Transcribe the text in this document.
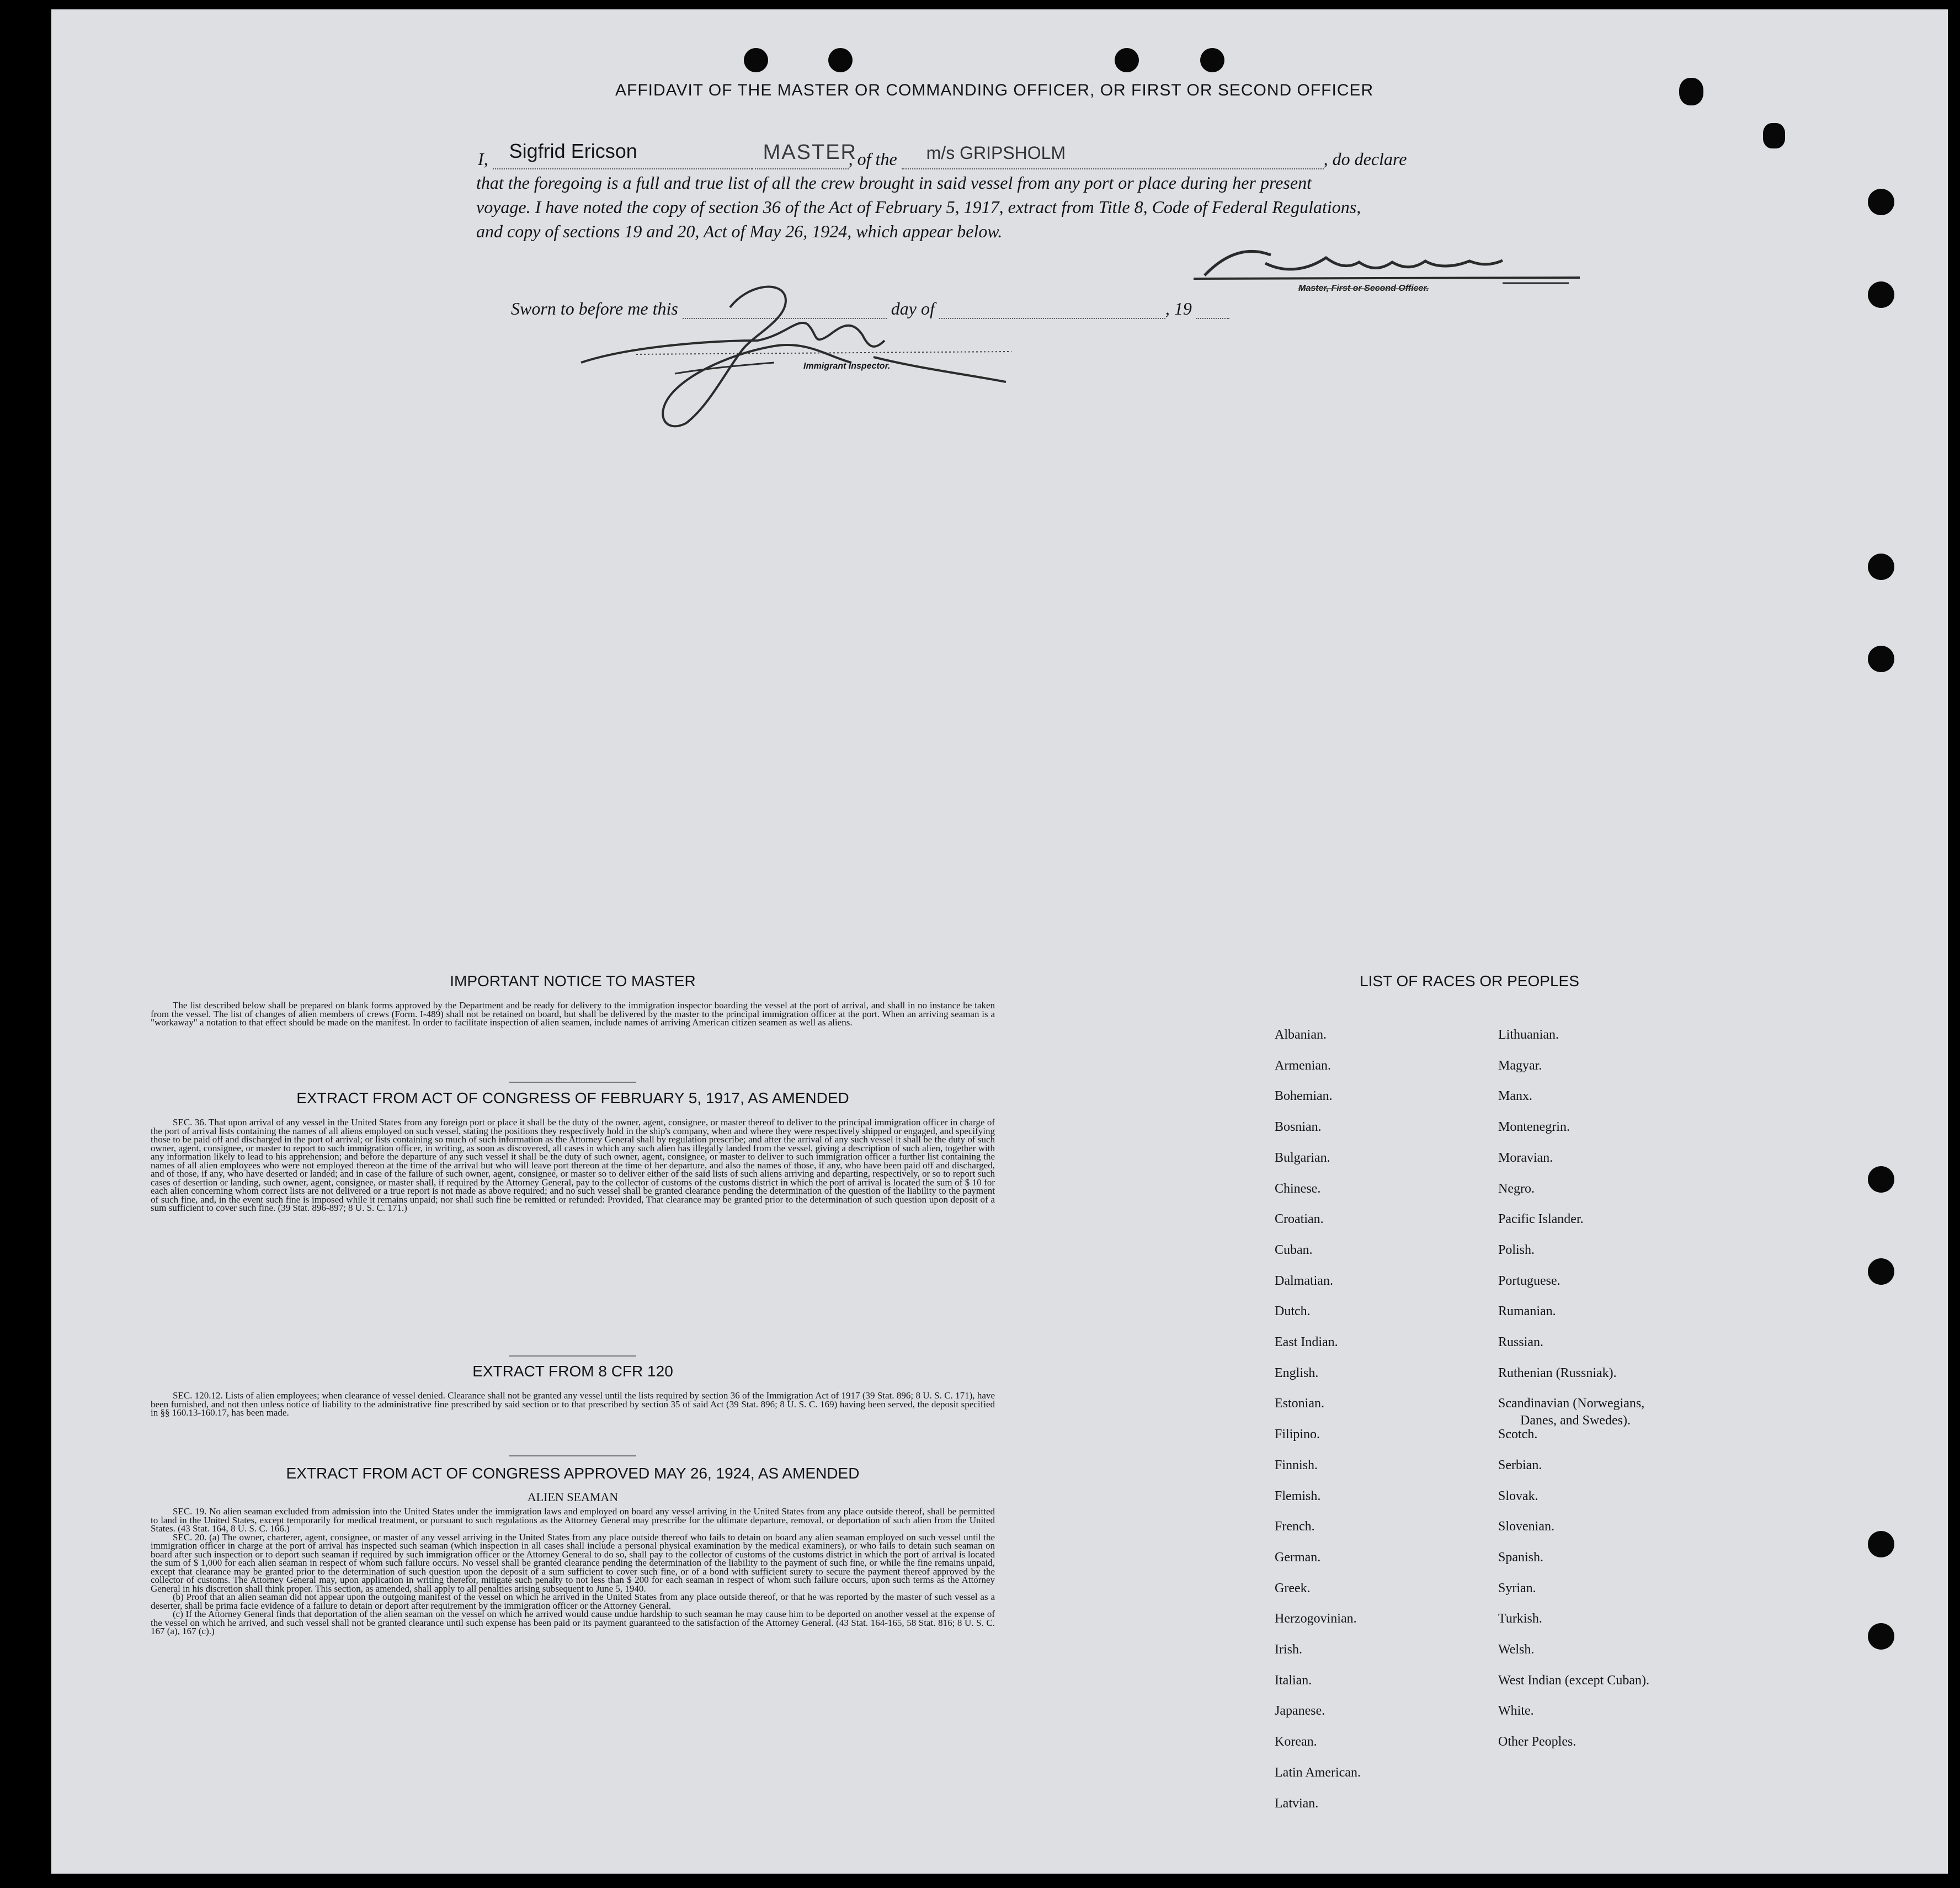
AFFIDAVIT OF THE MASTER OR COMMANDING OFFICER, OR FIRST OR SECOND OFFICER
I, Sigfrid Ericson	MASTER
, of the m/s GRIPSHOLM	, do declare
that the foregoing is a full and true list of all the crew brought in said vessel from any port or place during her present
voyage. I have noted the copy of section 36 of the Act of February 5, 1917, extract from Title 8, Code of Federal Regulations,
and copy of sections 19 and 20, Act of May 26, 1924, which appear below.
Master, First or Second Officer.
Sworn to before me this	day of	, 19
Immigrant Inspector.
IMPORTANT NOTICE TO MASTER

The list described below shall be prepared on blank forms approved by the Department and be ready for delivery to the immigration inspector boarding the vessel at the port of arrival, and shall in no instance be taken from the vessel. The list of changes of alien members of crews (Form. I-489) shall not be retained on board, but shall be delivered by the master to the principal immigration officer at the port. When an arriving seaman is a "workaway" a notation to that effect should be made on the manifest. In order to facilitate inspection of alien seamen, include names of arriving American citizen seamen as well as aliens.

EXTRACT FROM ACT OF CONGRESS OF FEBRUARY 5, 1917, AS AMENDED

SEC. 36. That upon arrival of any vessel in the United States from any foreign port or place it shall be the duty of the owner, agent, consignee, or master thereof to deliver to the principal immigration officer in charge of the port of arrival lists containing the names of all aliens employed on such vessel, stating the positions they respectively hold in the ship's company, when and where they were respectively shipped or engaged, and specifying those to be paid off and discharged in the port of arrival; or lists containing so much of such information as the Attorney General shall by regulation prescribe; and after the arrival of any such vessel it shall be the duty of such owner, agent, consignee, or master to report to such immigration officer, in writing, as soon as discovered, all cases in which any such alien has illegally landed from the vessel, giving a description of such alien, together with any information likely to lead to his apprehension; and before the departure of any such vessel it shall be the duty of such owner, agent, consignee, or master to deliver to such immigration officer a further list containing the names of all alien employees who were not employed thereon at the time of the arrival but who will leave port thereon at the time of her departure, and also the names of those, if any, who have been paid off and discharged, and of those, if any, who have deserted or landed; and in case of the failure of such owner, agent, consignee, or master so to deliver either of the said lists of such aliens arriving and departing, respectively, or so to report such cases of desertion or landing, such owner, agent, consignee, or master shall, if required by the Attorney General, pay to the collector of customs of the customs district in which the port of arrival is located the sum of $ 10 for each alien concerning whom correct lists are not delivered or a true report is not made as above required; and no such vessel shall be granted clearance pending the determination of the question of the liability to the payment of such fine, and, in the event such fine is imposed while it remains unpaid; nor shall such fine be remitted or refunded: Provided, That clearance may be granted prior to the determination of such question upon deposit of a sum sufficient to cover such fine. (39 Stat. 896-897; 8 U. S. C. 171.)

EXTRACT FROM 8 CFR 120

SEC. 120.12. Lists of alien employees; when clearance of vessel denied. Clearance shall not be granted any vessel until the lists required by section 36 of the Immigration Act of 1917 (39 Stat. 896; 8 U. S. C. 171), have been furnished, and not then unless notice of liability to the administrative fine prescribed by said section or to that prescribed by section 35 of said Act (39 Stat. 896; 8 U. S. C. 169) having been served, the deposit specified in §§ 160.13-160.17, has been made.

EXTRACT FROM ACT OF CONGRESS APPROVED MAY 26, 1924, AS AMENDED
ALIEN SEAMAN

SEC. 19. No alien seaman excluded from admission into the United States under the immigration laws and employed on board any vessel arriving in the United States from any place outside thereof, shall be permitted to land in the United States, except temporarily for medical treatment, or pursuant to such regulations as the Attorney General may prescribe for the ultimate departure, removal, or deportation of such alien from the United States. (43 Stat. 164, 8 U. S. C. 166.)

SEC. 20. (a) The owner, charterer, agent, consignee, or master of any vessel arriving in the United States from any place outside thereof who fails to detain on board any alien seaman employed on such vessel until the immigration officer in charge at the port of arrival has inspected such seaman (which inspection in all cases shall include a personal physical examination by the medical examiners), or who fails to detain such seaman on board after such inspection or to deport such seaman if required by such immigration officer or the Attorney General to do so, shall pay to the collector of customs of the customs district in which the port of arrival is located the sum of $ 1,000 for each alien seaman in respect of whom such failure occurs. No vessel shall be granted clearance pending the determination of the liability to the payment of such fine, or while the fine remains unpaid, except that clearance may be granted prior to the determination of such question upon the deposit of a sum sufficient to cover such fine, or of a bond with sufficient surety to secure the payment thereof approved by the collector of customs. The Attorney General may, upon application in writing therefor, mitigate such penalty to not less than $ 200 for each seaman in respect of whom such failure occurs, upon such terms as the Attorney General in his discretion shall think proper. This section, as amended, shall apply to all penalties arising subsequent to June 5, 1940.

(b) Proof that an alien seaman did not appear upon the outgoing manifest of the vessel on which he arrived in the United States from any place outside thereof, or that he was reported by the master of such vessel as a deserter, shall be prima facie evidence of a failure to detain or deport after requirement by the immigration officer or the Attorney General.

(c) If the Attorney General finds that deportation of the alien seaman on the vessel on which he arrived would cause undue hardship to such seaman he may cause him to be deported on another vessel at the expense of the vessel on which he arrived, and such vessel shall not be granted clearance until such expense has been paid or its payment guaranteed to the satisfaction of the Attorney General. (43 Stat. 164-165, 58 Stat. 816; 8 U. S. C. 167 (a), 167 (c).)

LIST OF RACES OR PEOPLES
Albanian.
Armenian.
Bohemian.
Bosnian.
Bulgarian.
Chinese.
Croatian.
Cuban.
Dalmatian.
Dutch.
East Indian.
English.
Estonian.
Filipino.
Finnish.
Flemish.
French.
German.
Greek.
Herzogovinian.
Irish.
Italian.
Japanese.
Korean.
Latin American.
Latvian.
Lithuanian.
Magyar.
Manx.
Montenegrin.
Moravian.
Negro.
Pacific Islander.
Polish.
Portuguese.
Rumanian.
Russian.
Ruthenian (Russniak).
Scandinavian (Norwegians,
Danes, and Swedes).
Scotch.
Serbian.
Slovak.
Slovenian.
Spanish.
Syrian.
Turkish.
Welsh.
West Indian (except Cuban).
White.
Other Peoples.
